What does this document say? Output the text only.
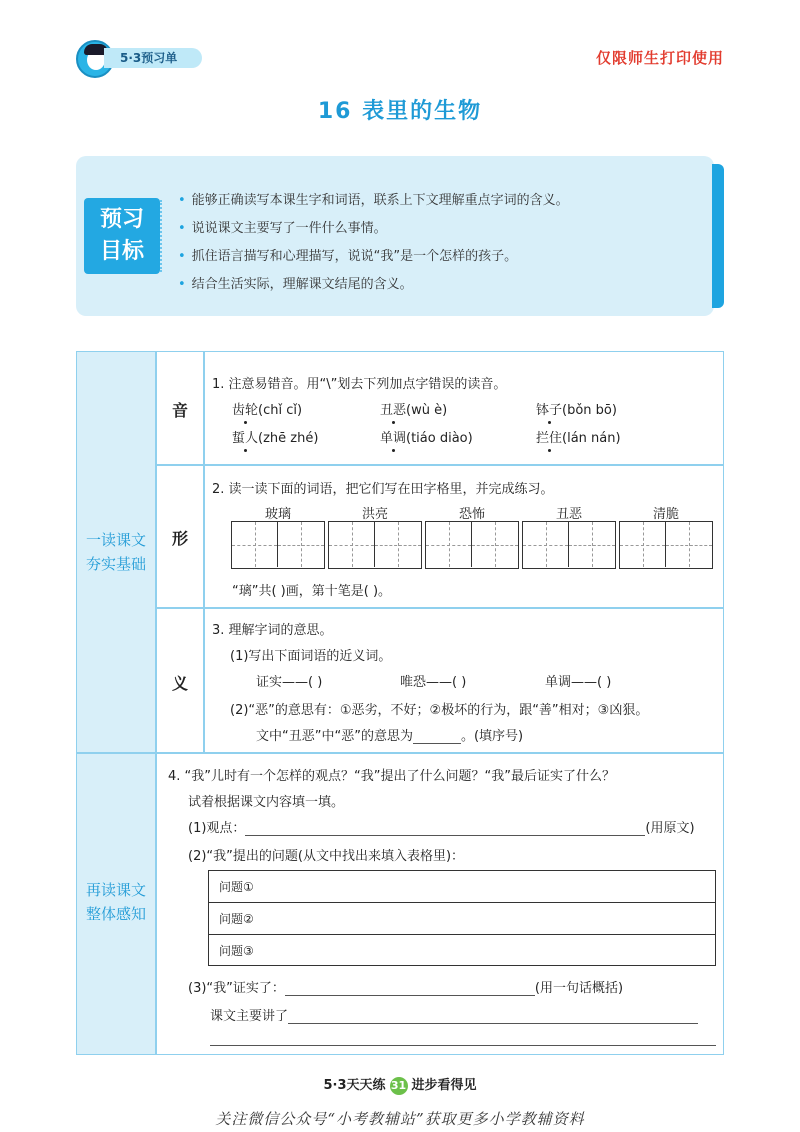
5·3预习单	仅限师生打印使用
16 表里的生物
预习
目标
• 能够正确读写本课生字和词语，联系上下文理解重点字词的含义。
• 说说课文主要写了一件什么事情。
• 抓住语言描写和心理描写，说说“我”是一个怎样的孩子。
• 结合生活实际，理解课文结尾的含义。
一读课文
夯实基础
音
1. 注意易错音。用“\”划去下列加点字错误的读音。
齿轮(chǐ cǐ)	丑恶(wù è)	钵子(bǒn bō)
蜇人(zhē zhé)	单调(tiáo diào)	拦住(lán nán)
形
2. 读一读下面的词语，把它们写在田字格里，并完成练习。
玻璃	洪亮	恐怖	丑恶	清脆
“璃”共( )画，第十笔是( )。
义
3. 理解字词的意思。
(1)写出下面词语的近义词。
证实——( )	唯恐——( )	单调——( )
(2)“恶”的意思有：①恶劣，不好；②极坏的行为，跟“善”相对；③凶狠。
文中“丑恶”中“恶”的意思为	。(填序号)
再读课文
整体感知
4. “我”儿时有一个怎样的观点？“我”提出了什么问题？“我”最后证实了什么？
试着根据课文内容填一填。
(1)观点：	(用原文)
(2)“我”提出的问题(从文中找出来填入表格里)：
问题①
问题②
问题③
(3)“我”证实了：	(用一句话概括)
课文主要讲了
5·3天天练 31 进步看得见
关注微信公众号“小考教辅站”获取更多小学教辅资料
